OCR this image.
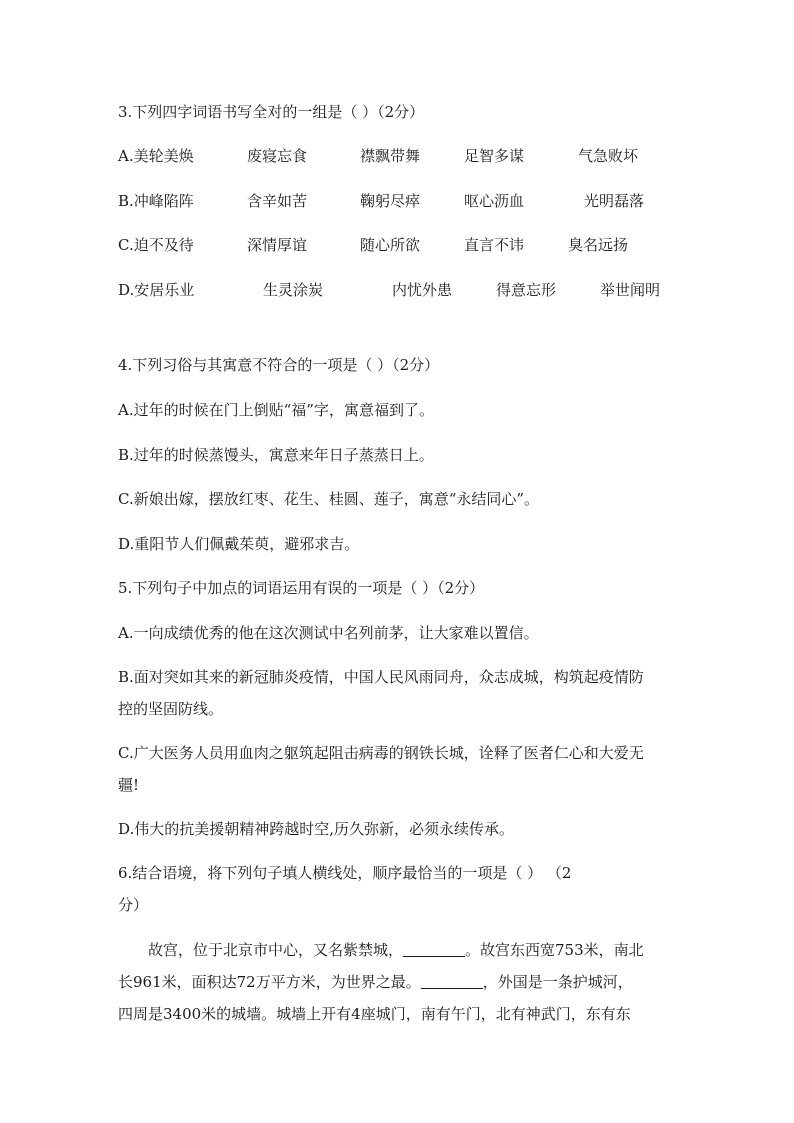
3.下列四字词语书写全对的一组是（ ）（2分）
A.美轮美焕	废寝忘食	襟飘带舞	足智多谋	气急败坏
B.冲峰陷阵	含辛如苦	鞠躬尽瘁	呕心沥血	光明磊落
C.迫不及待	深情厚谊	随心所欲	直言不讳	臭名远扬
D.安居乐业	生灵涂炭	内忧外患	得意忘形	举世闻明
4.下列习俗与其寓意不符合的一项是（ ）（2分）
A.过年的时候在门上倒贴“福”字，寓意福到了。
B.过年的时候蒸馒头，寓意来年日子蒸蒸日上。
C.新娘出嫁，摆放红枣、花生、桂圆、莲子，寓意“永结同心”。
D.重阳节人们佩戴茱萸，避邪求吉。
5.下列句子中加点的词语运用有误的一项是（ ）（2分）
A.一向成绩优秀的他在这次测试中名列前茅，让大家难以置信。
B.面对突如其来的新冠肺炎疫情，中国人民风雨同舟，众志成城，构筑起疫情防
控的坚固防线。
C.广大医务人员用血肉之躯筑起阻击病毒的钢铁长城，诠释了医者仁心和大爱无
疆!
D.伟大的抗美援朝精神跨越时空,历久弥新，必须永续传承。
6.结合语境，将下列句子填人横线处，顺序最恰当的一项是（ ） （2
分）
故宫，位于北京市中心，又名紫禁城，	。故宫东西宽753米，南北
长961米，面积达72万平方米，为世界之最。	，外国是一条护城河，
四周是3400米的城墙。城墙上开有4座城门，南有午门，北有神武门，东有东
